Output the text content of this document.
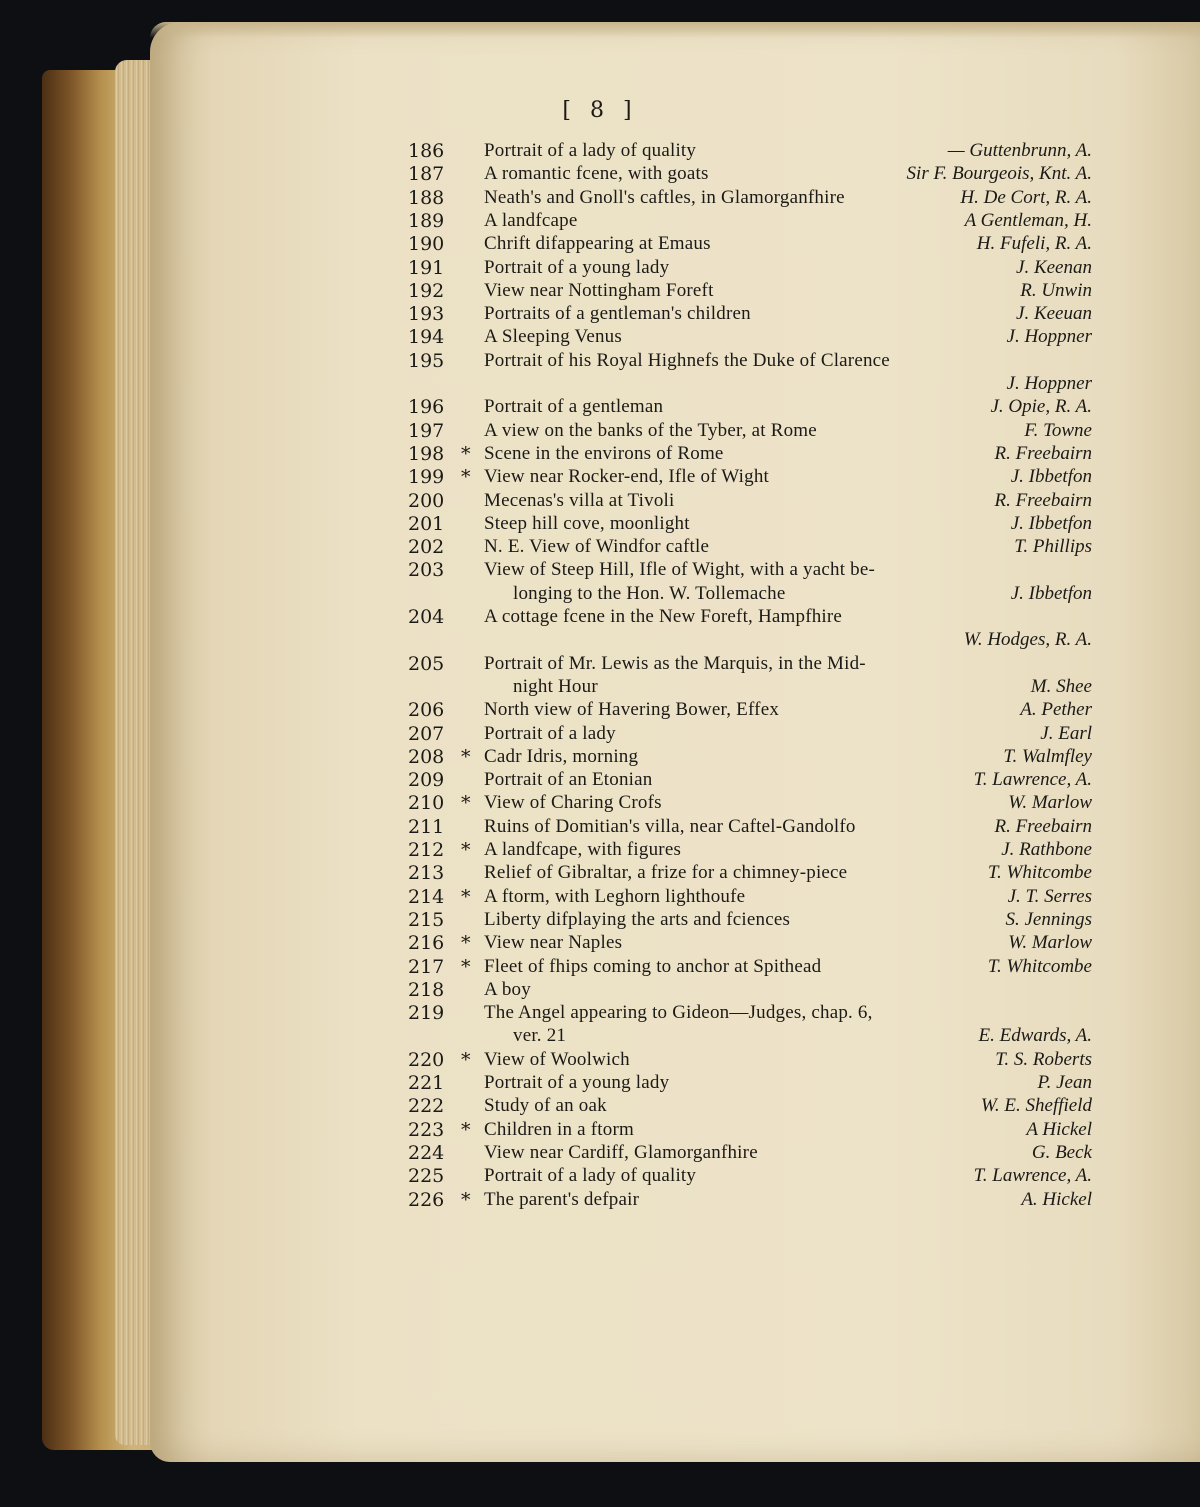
[ 8 ]
186 Portrait of a lady of quality	— Guttenbrunn, A.
187 A romantic fcene, with goats	Sir F. Bourgeois, Knt. A.
188 Neath's and Gnoll's caftles, in Glamorganfhire	H. De Cort, R. A.
189 A landfcape	A Gentleman, H.
190 Chrift difappearing at Emaus	H. Fufeli, R. A.
191 Portrait of a young lady	J. Keenan
192 View near Nottingham Foreft	R. Unwin
193 Portraits of a gentleman's children	J. Keeuan
194 A Sleeping Venus	J. Hoppner
195 Portrait of his Royal Highnefs the Duke of Clarence
J. Hoppner
196 Portrait of a gentleman	J. Opie, R. A.
197 A view on the banks of the Tyber, at Rome	F. Towne
198 * Scene in the environs of Rome	R. Freebairn
199 * View near Rocker-end, Ifle of Wight	J. Ibbetfon
200 Mecenas's villa at Tivoli	R. Freebairn
201 Steep hill cove, moonlight	J. Ibbetfon
202 N. E. View of Windfor caftle	T. Phillips
203 View of Steep Hill, Ifle of Wight, with a yacht be-
longing to the Hon. W. Tollemache	J. Ibbetfon
204 A cottage fcene in the New Foreft, Hampfhire
W. Hodges, R. A.
205 Portrait of Mr. Lewis as the Marquis, in the Mid-
night Hour	M. Shee
206 North view of Havering Bower, Effex	A. Pether
207 Portrait of a lady	J. Earl
208 * Cadr Idris, morning	T. Walmfley
209 Portrait of an Etonian	T. Lawrence, A.
210 * View of Charing Crofs	W. Marlow
211 Ruins of Domitian's villa, near Caftel-Gandolfo	R. Freebairn
212 * A landfcape, with figures	J. Rathbone
213 Relief of Gibraltar, a frize for a chimney-piece	T. Whitcombe
214 * A ftorm, with Leghorn lighthoufe	J. T. Serres
215 Liberty difplaying the arts and fciences	S. Jennings
216 * View near Naples	W. Marlow
217 * Fleet of fhips coming to anchor at Spithead	T. Whitcombe
218 A boy
219 The Angel appearing to Gideon—Judges, chap. 6,
ver. 21	E. Edwards, A.
220 * View of Woolwich	T. S. Roberts
221 Portrait of a young lady	P. Jean
222 Study of an oak	W. E. Sheffield
223 * Children in a ftorm	A Hickel
224 View near Cardiff, Glamorganfhire	G. Beck
225 Portrait of a lady of quality	T. Lawrence, A.
226 * The parent's defpair	A. Hickel
